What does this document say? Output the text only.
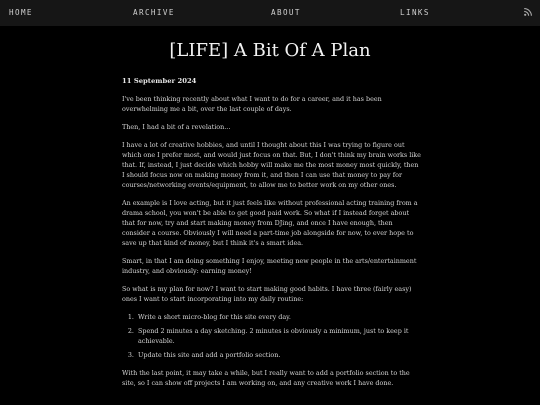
HOME	ARCHIVE	ABOUT	LINKS
[LIFE] A Bit Of A Plan
11 September 2024

I've been thinking recently about what I want to do for a career, and it has been overwhelming me a bit, over the last couple of days.

Then, I had a bit of a revelation...

I have a lot of creative hobbies, and until I thought about this I was trying to figure out which one I prefer most, and would just focus on that. But, I don't think my brain works like that. If, instead, I just decide which hobby will make me the most money most quickly, then I should focus now on making money from it, and then I can use that money to pay for courses/networking events/equipment, to allow me to better work on my other ones.

An example is I love acting, but it just feels like without professional acting training from a drama school, you won't be able to get good paid work. So what if I instead forget about that for now, try and start making money from DJing, and once I have enough, then consider a course. Obviously I will need a part-time job alongside for now, to ever hope to save up that kind of money, but I think it's a smart idea.

Smart, in that I am doing something I enjoy, meeting new people in the arts/entertainment industry, and obviously: earning money!

So what is my plan for now? I want to start making good habits. I have three (fairly easy) ones I want to start incorporating into my daily routine:

1. Write a short micro-blog for this site every day.
2. Spend 2 minutes a day sketching. 2 minutes is obviously a minimum, just to keep it achievable.
3. Update this site and add a portfolio section.

With the last point, it may take a while, but I really want to add a portfolio section to the site, so I can show off projects I am working on, and any creative work I have done.
